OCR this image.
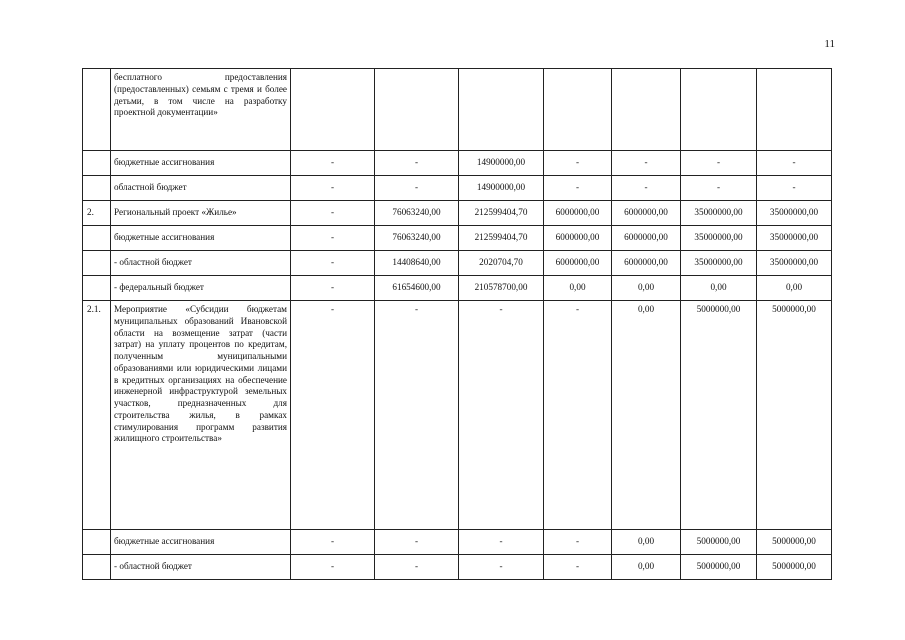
11
	бесплатного предоставления (предоставленных) семьям с тремя и более детьми, в том числе на разработку проектной документации»							
	бюджетные ассигнования	-	-	14900000,00	-	-	-	-
	областной бюджет	-	-	14900000,00	-	-	-	-
2.	Региональный проект «Жилье»	-	76063240,00	212599404,70	6000000,00	6000000,00	35000000,00	35000000,00
	бюджетные ассигнования	-	76063240,00	212599404,70	6000000,00	6000000,00	35000000,00	35000000,00
	- областной бюджет	-	14408640,00	2020704,70	6000000,00	6000000,00	35000000,00	35000000,00
	- федеральный бюджет	-	61654600,00	210578700,00	0,00	0,00	0,00	0,00
2.1.	Мероприятие «Субсидии бюджетам муниципальных образований Ивановской области на возмещение затрат (части затрат) на уплату процентов по кредитам, полученным муниципальными образованиями или юридическими лицами в кредитных организациях на обеспечение инженерной инфраструктурой земельных участков, предназначенных для строительства жилья, в рамках стимулирования программ развития жилищного строительства»	-	-	-	-	0,00	5000000,00	5000000,00
	бюджетные ассигнования	-	-	-	-	0,00	5000000,00	5000000,00
	- областной бюджет	-	-	-	-	0,00	5000000,00	5000000,00
